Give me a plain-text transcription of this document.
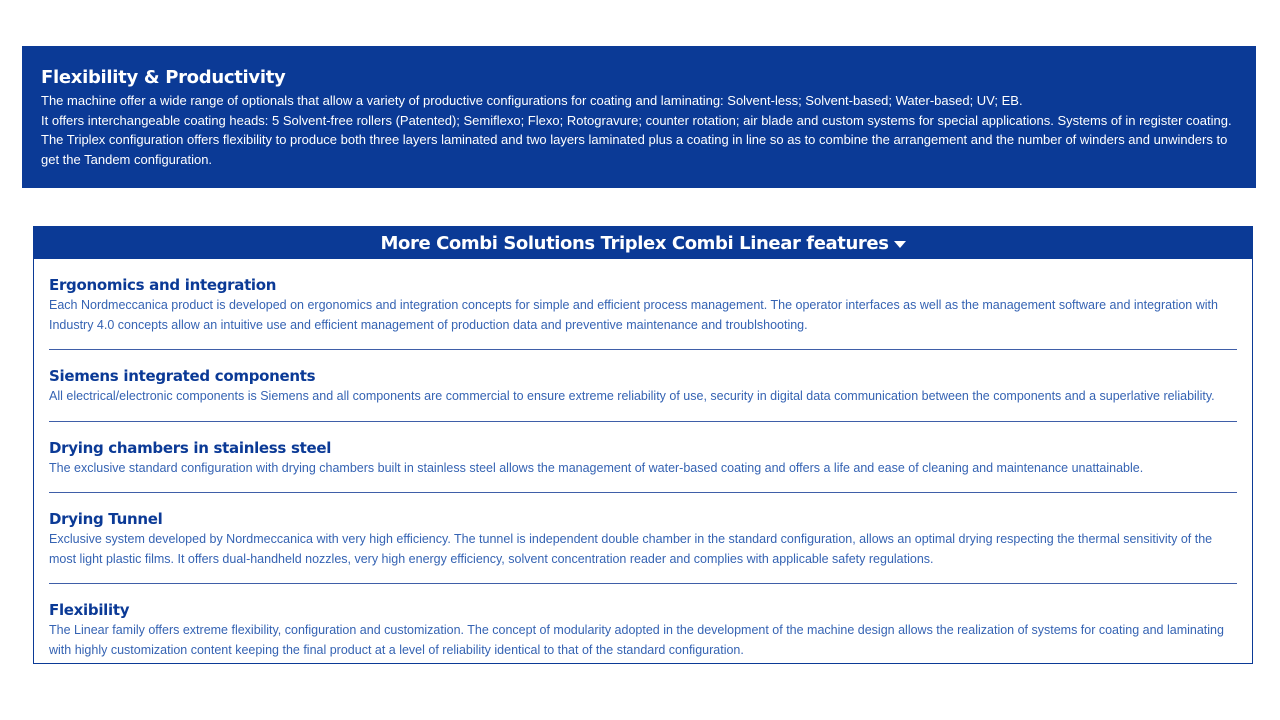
Flexibility & Productivity

The machine offer a wide range of optionals that allow a variety of productive configurations for coating and laminating: Solvent-less; Solvent-based; Water-based; UV; EB.

It offers interchangeable coating heads: 5 Solvent-free rollers (Patented); Semiflexo; Flexo; Rotogravure; counter rotation; air blade and custom systems for special applications. Systems of in register coating.

The Triplex configuration offers flexibility to produce both three layers laminated and two layers laminated plus a coating in line so as to combine the arrangement and the number of winders and unwinders to get the Tandem configuration.

More Combi Solutions Triplex Combi Linear features
Ergonomics and integration

Each Nordmeccanica product is developed on ergonomics and integration concepts for simple and efficient process management. The operator interfaces as well as the management software and integration with Industry 4.0 concepts allow an intuitive use and efficient management of production data and preventive maintenance and troublshooting.

Siemens integrated components

All electrical/electronic components is Siemens and all components are commercial to ensure extreme reliability of use, security in digital data communication between the components and a superlative reliability.

Drying chambers in stainless steel

The exclusive standard configuration with drying chambers built in stainless steel allows the management of water-based coating and offers a life and ease of cleaning and maintenance unattainable.

Drying Tunnel

Exclusive system developed by Nordmeccanica with very high efficiency. The tunnel is independent double chamber in the standard configuration, allows an optimal drying respecting the thermal sensitivity of the most light plastic films. It offers dual-handheld nozzles, very high energy efficiency, solvent concentration reader and complies with applicable safety regulations.

Flexibility

The Linear family offers extreme flexibility, configuration and customization. The concept of modularity adopted in the development of the machine design allows the realization of systems for coating and laminating with highly customization content keeping the final product at a level of reliability identical to that of the standard configuration.
